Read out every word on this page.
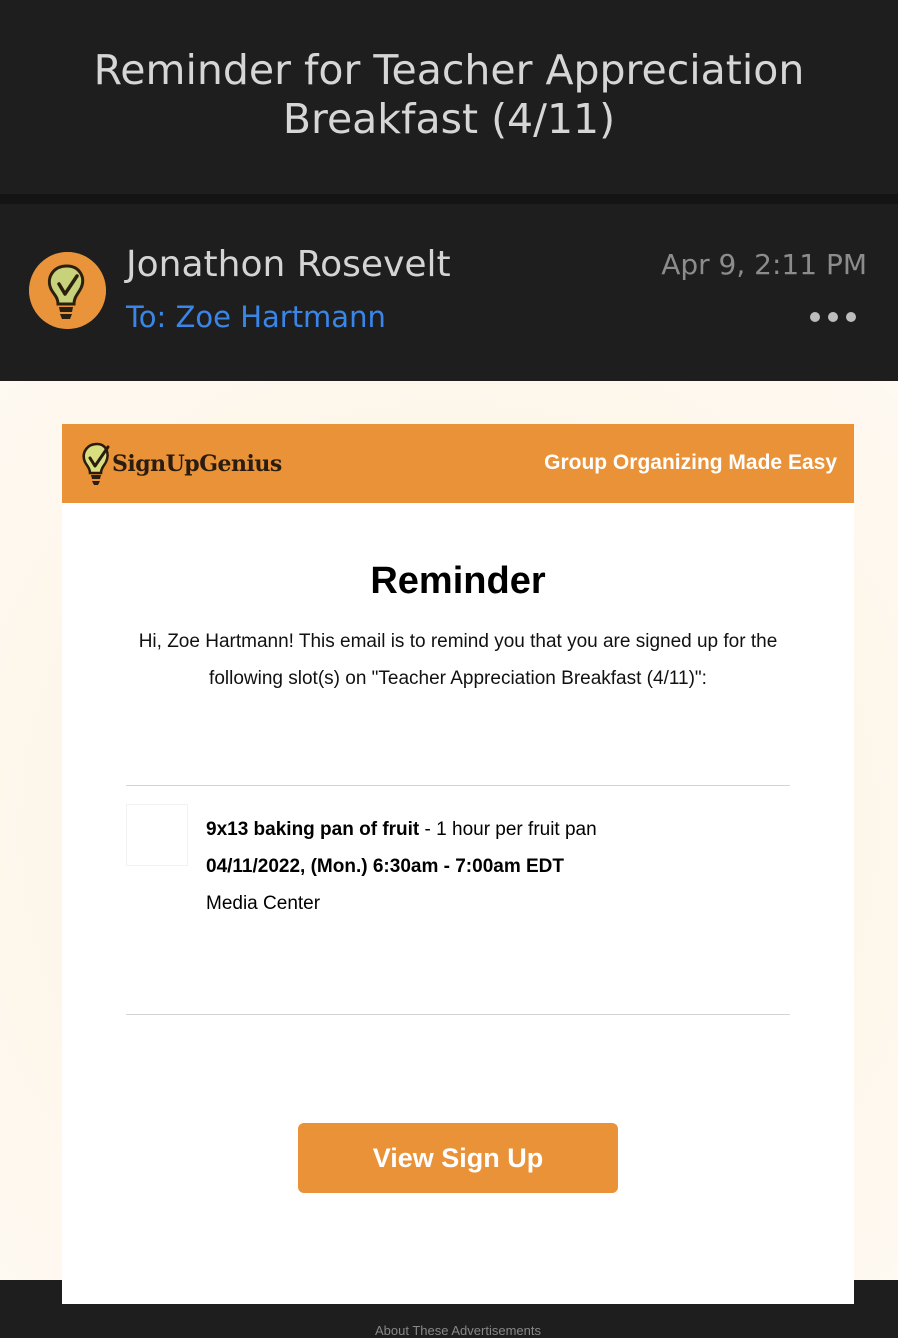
Reminder for Teacher Appreciation Breakfast (4/11)
Jonathon Rosevelt
To: Zoe Hartmann
Apr 9, 2:11 PM
SignUpGenius	Group Organizing Made Easy
Reminder

Hi, Zoe Hartmann! This email is to remind you that you are signed up for the following slot(s) on "Teacher Appreciation Breakfast (4/11)":

9x13 baking pan of fruit - 1 hour per fruit pan
04/11/2022, (Mon.) 6:30am - 7:00am EDT
Media Center
View Sign Up
About These Advertisements
